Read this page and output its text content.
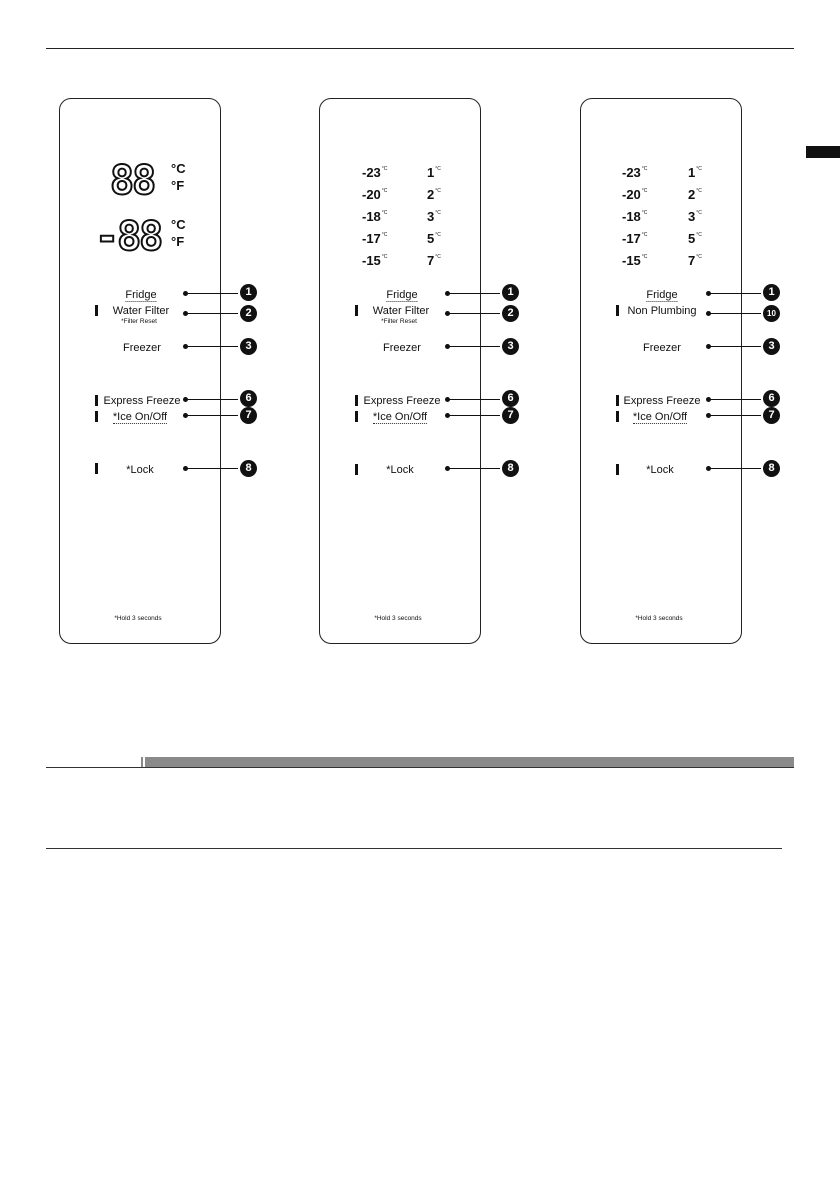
88 °C
°F
-88 °C
°F
Fridge
Water Filter
*Filter Reset
Freezer
Express Freeze
*Ice On/Off
*Lock
*Hold 3 seconds
1
2
3
6
7
8
$-23^{^\circ C}$
$-20^{^\circ C}$
$-18^{^\circ C}$
$-17^{^\circ C}$
$-15^{^\circ C}$
$1^{^\circ C}$
$2^{^\circ C}$
$3^{^\circ C}$
$5^{^\circ C}$
$7^{^\circ C}$
Fridge
Water Filter
*Filter Reset
Freezer
Express Freeze
*Ice On/Off
*Lock
*Hold 3 seconds
1
2
3
6
7
8
$-23^{^\circ C}$
$-20^{^\circ C}$
$-18^{^\circ C}$
$-17^{^\circ C}$
$-15^{^\circ C}$
$1^{^\circ C}$
$2^{^\circ C}$
$3^{^\circ C}$
$5^{^\circ C}$
$7^{^\circ C}$
Fridge
Non Plumbing
Freezer
Express Freeze
*Ice On/Off
*Lock
*Hold 3 seconds
1
10
3
6
7
8
